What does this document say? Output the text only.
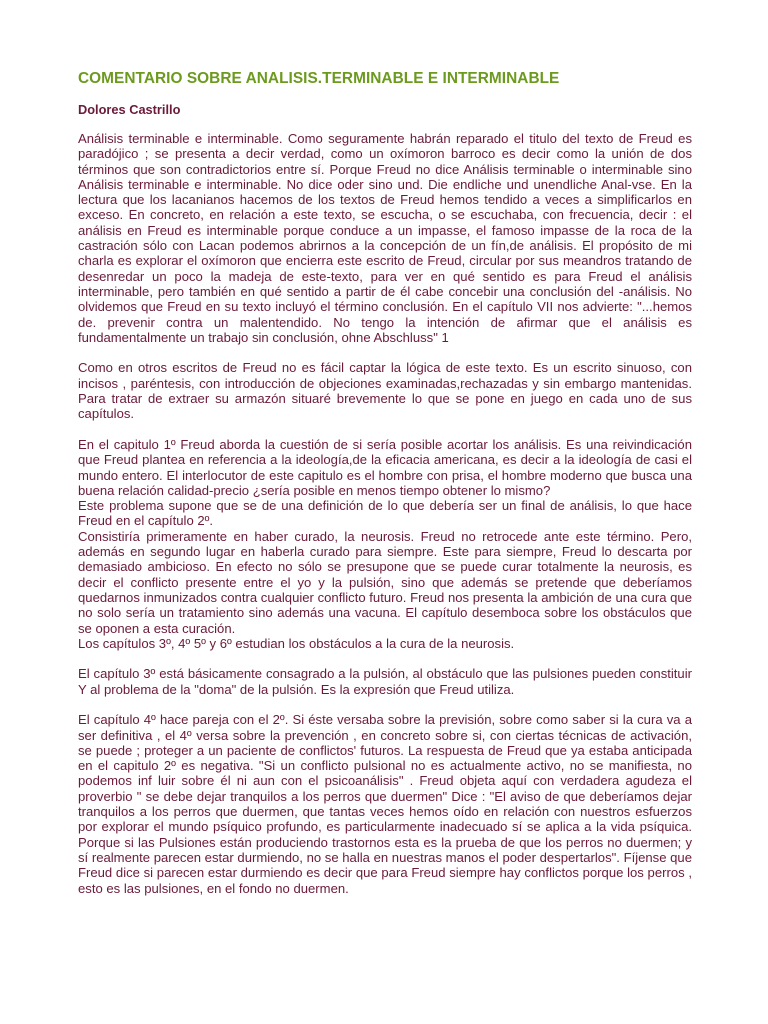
COMENTARIO SOBRE ANALISIS.TERMINABLE E INTERMINABLE
Dolores Castrillo

Análisis terminable e interminable. Como seguramente habrán reparado el titulo del texto de Freud es paradójico ; se presenta a decir verdad, como un oxímoron barroco es decir como la unión de dos términos que son contradictorios entre sí. Porque Freud no dice Análisis terminable o interminable sino Análisis terminable e interminable. No dice oder sino und. Die endliche und unendliche Anal-vse. En la lectura que los lacanianos hacemos de los textos de Freud hemos tendido a veces a simplificarlos en exceso. En concreto, en relación a este texto, se escucha, o se escuchaba, con frecuencia, decir : el análisis en Freud es interminable porque conduce a un impasse, el famoso impasse de la roca de la castración sólo con Lacan podemos abrirnos a la concepción de un fín,de análisis. El propósito de mi charla es explorar el oxímoron que encierra este escrito de Freud, circular por sus meandros tratando de desenredar un poco la madeja de este-texto, para ver en qué sentido es para Freud el análisis interminable, pero también en qué sentido a partir de él cabe concebir una conclusión del -análisis. No olvidemos que Freud en su texto incluyó el término conclusión. En el capítulo VII nos advierte: "...hemos de. prevenir contra un malentendido. No tengo la intención de afirmar que el análisis es fundamentalmente un trabajo sin conclusión, ohne Abschluss" 1

Como en otros escritos de Freud no es fácil captar la lógica de este texto. Es un escrito sinuoso, con incisos , paréntesis, con introducción de objeciones examinadas,rechazadas y sin embargo mantenidas. Para tratar de extraer su armazón situaré brevemente lo que se pone en juego en cada uno de sus capítulos.

En el capitulo 1º Freud aborda la cuestión de si sería posible acortar los análisis. Es una reivindicación que Freud plantea en referencia a la ideología,de la eficacia americana, es decir a la ideología de casi el mundo entero. El interlocutor de este capitulo es el hombre con prisa, el hombre moderno que busca una buena relación calidad-precio ¿sería posible en menos tiempo obtener lo mismo?

Este problema supone que se de una definición de lo que debería ser un final de análisis, lo que hace Freud en el capítulo 2º.

Consistiría primeramente en haber curado, la neurosis. Freud no retrocede ante este término. Pero, además en segundo lugar en haberla curado para siempre. Este para siempre, Freud lo descarta por demasiado ambicioso. En efecto no sólo se presupone que se puede curar totalmente la neurosis, es decir el conflicto presente entre el yo y la pulsión, sino que además se pretende que deberíamos quedarnos inmunizados contra cualquier conflicto futuro. Freud nos presenta la ambición de una cura que no solo sería un tratamiento sino además una vacuna. El capítulo desemboca sobre los obstáculos que se oponen a esta curación.

Los capítulos 3º, 4º 5º y 6º estudian los obstáculos a la cura de la neurosis.

El capítulo 3º está básicamente consagrado a la pulsión, al obstáculo que las pulsiones pueden constituir Y al problema de la "doma" de la pulsión. Es la expresión que Freud utiliza.

El capítulo 4º hace pareja con el 2º. Si éste versaba sobre la previsión, sobre como saber si la cura va a ser definitiva , el 4º versa sobre la prevención , en concreto sobre si, con ciertas técnicas de activación, se puede ; proteger a un paciente de conflictos' futuros. La respuesta de Freud que ya estaba anticipada en el capitulo 2º es negativa. "Si un conflicto pulsional no es actualmente activo, no se manifiesta, no podemos inf luir sobre él ni aun con el psicoanálisis" . Freud objeta aquí con verdadera agudeza el proverbio " se debe dejar tranquilos a los perros que duermen" Dice : "El aviso de que deberíamos dejar tranquilos a los perros que duermen, que tantas veces hemos oído en relación con nuestros esfuerzos por explorar el mundo psíquico profundo, es particularmente inadecuado sí se aplica a la vida psíquica. Porque si las Pulsiones están produciendo trastornos esta es la prueba de que los perros no duermen; y sí realmente parecen estar durmiendo, no se halla en nuestras manos el poder despertarlos". Fíjense que Freud dice si parecen estar durmiendo es decir que para Freud siempre hay conflictos porque los perros , esto es las pulsiones, en el fondo no duermen.
